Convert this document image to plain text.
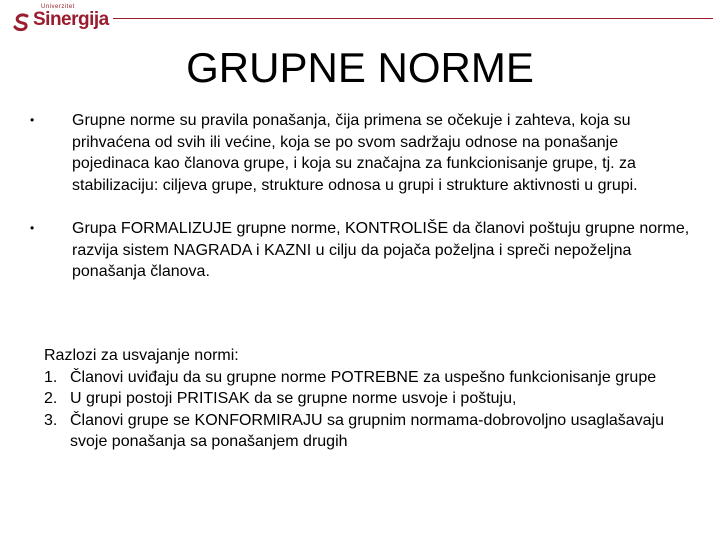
Univerzitet
Sinergija
GRUPNE NORME
• Grupne norme su pravila ponašanja, čija primena se očekuje i zahteva, koja su prihvaćena od svih ili većine, koja se po svom sadržaju odnose na ponašanje pojedinaca kao članova grupe, i koja su značajna za funkcionisanje grupe, tj. za stabilizaciju: ciljeva grupe, strukture odnosa u grupi i strukture aktivnosti u grupi.
• Grupa FORMALIZUJE grupne norme, KONTROLIŠE da članovi poštuju grupne norme, razvija sistem NAGRADA i KAZNI u cilju da pojača poželjna i spreči nepoželjna ponašanja članova.
Razlozi za usvajanje normi:
1. Članovi uviđaju da su grupne norme POTREBNE za uspešno funkcionisanje grupe
2. U grupi postoji PRITISAK da se grupne norme usvoje i poštuju,
3. Članovi grupe se KONFORMIRAJU sa grupnim normama-dobrovoljno usaglašavaju svoje ponašanja sa ponašanjem drugih
